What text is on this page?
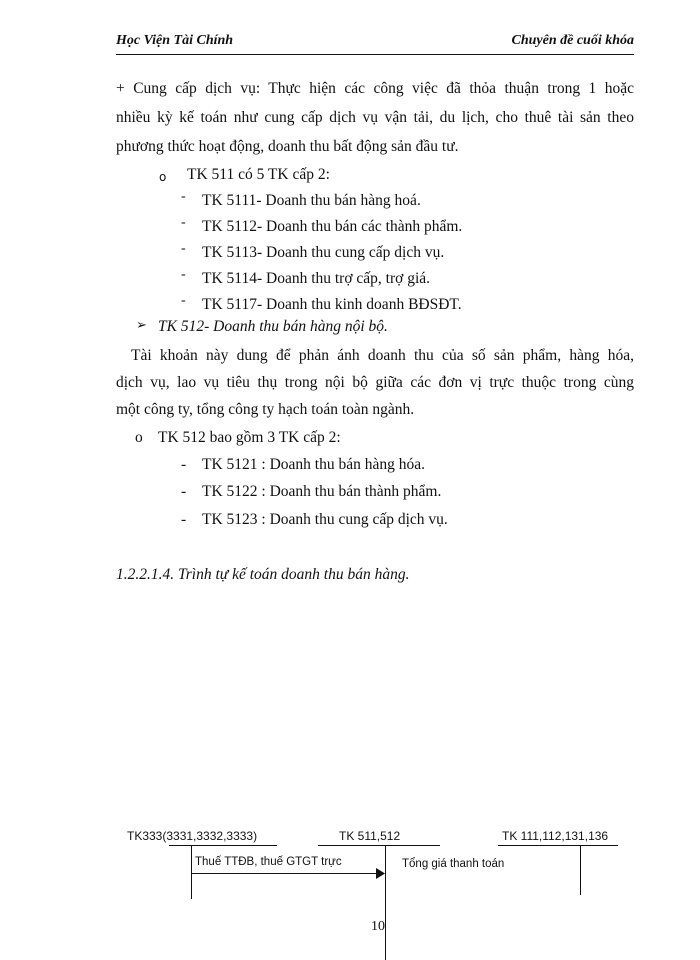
Học Viện Tài Chính	Chuyên đề cuối khóa
+ Cung cấp dịch vụ: Thực hiện các công việc đã thỏa thuận trong 1 hoặc
nhiều kỳ kế toán như cung cấp dịch vụ vận tải, du lịch, cho thuê tài sản theo
phương thức hoạt động, doanh thu bất động sản đầu tư.
o TK 511 có 5 TK cấp 2:
- TK 5111- Doanh thu bán hàng hoá.
- TK 5112- Doanh thu bán các thành phẩm.
- TK 5113- Doanh thu cung cấp dịch vụ.
- TK 5114- Doanh thu trợ cấp, trợ giá.
- TK 5117- Doanh thu kinh doanh BĐSĐT.
➢ TK 512- Doanh thu bán hàng nội bộ.
Tài khoản này dung để phản ánh doanh thu của số sản phẩm, hàng hóa,
dịch vụ, lao vụ tiêu thụ trong nội bộ giữa các đơn vị trực thuộc trong cùng
một công ty, tổng công ty hạch toán toàn ngành.
o TK 512 bao gồm 3 TK cấp 2:
- TK 5121 : Doanh thu bán hàng hóa.
- TK 5122 : Doanh thu bán thành phẩm.
- TK 5123 : Doanh thu cung cấp dịch vụ.
1.2.2.1.4. Trình tự kế toán doanh thu bán hàng.
TK333(3331,3332,3333)	TK 511,512	TK 111,112,131,136
Thuế TTĐB, thuế GTGT trực	Tổng giá thanh toán
10
